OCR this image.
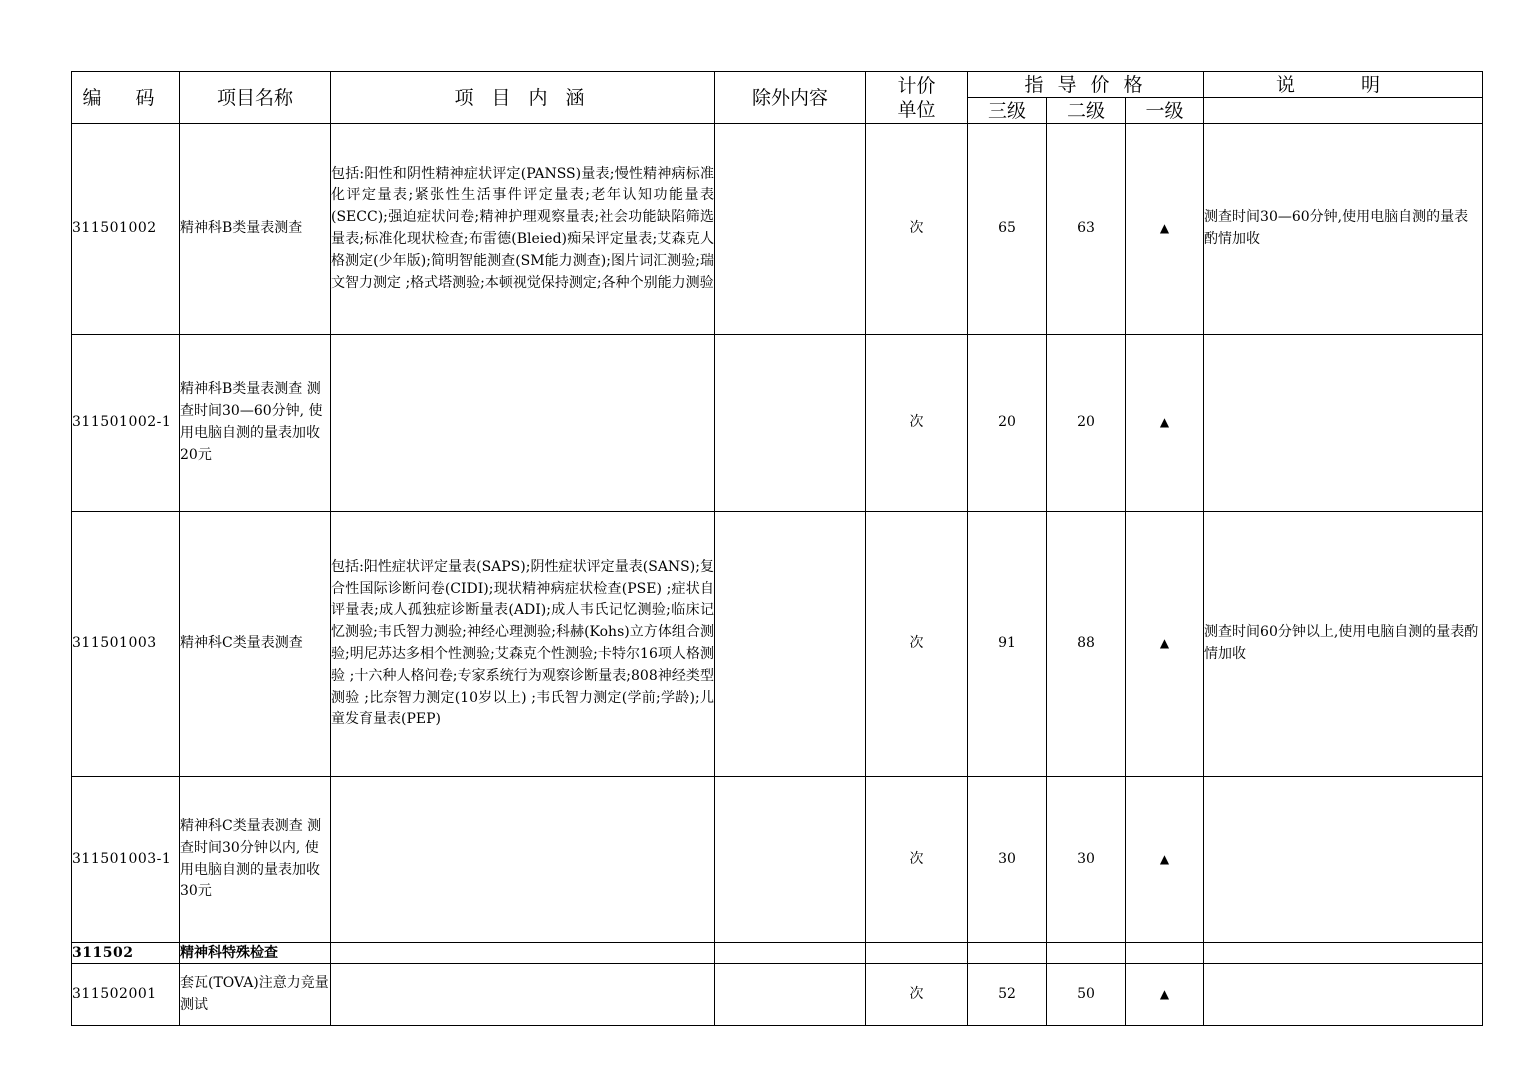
编 码	项目名称	项 目 内 涵	除外内容	计价单位	指 导 价 格			说 明
					三级	二级	一级	
311501002	精神科B类量表测查	包括:阳性和阴性精神症状评定(PANSS)量表;慢性精神病标准化评定量表;紧张性生活事件评定量表;老年认知功能量表(SECC);强迫症状问卷;精神护理观察量表;社会功能缺陷筛选量表;标准化现状检查;布雷德(Bleied)痴呆评定量表;艾森克人格测定(少年版);简明智能测查(SM能力测查);图片词汇测验;瑞文智力测定 ;格式塔测验;本顿视觉保持测定;各种个别能力测验		次	65	63	▲	测查时间30—60分钟,使用电脑自测的量表酌情加收
311501002-1	精神科B类量表测查 测查时间30—60分钟, 使用电脑自测的量表加收20元			次	20	20	▲	
311501003	精神科C类量表测查	包括:阳性症状评定量表(SAPS);阴性症状评定量表(SANS);复合性国际诊断问卷(CIDI);现状精神病症状检查(PSE) ;症状自评量表;成人孤独症诊断量表(ADI);成人韦氏记忆测验;临床记忆测验;韦氏智力测验;神经心理测验;科赫(Kohs)立方体组合测验;明尼苏达多相个性测验;艾森克个性测验;卡特尔16项人格测验 ;十六种人格问卷;专家系统行为观察诊断量表;808神经类型测验 ;比奈智力测定(10岁以上) ;韦氏智力测定(学前;学龄);儿童发育量表(PEP)		次	91	88	▲	测查时间60分钟以上,使用电脑自测的量表酌情加收
311501003-1	精神科C类量表测查 测查时间30分钟以内, 使用电脑自测的量表加收30元			次	30	30	▲	
311502	精神科特殊检查							
311502001	套瓦(TOVA)注意力竞量测试			次	52	50	▲	
